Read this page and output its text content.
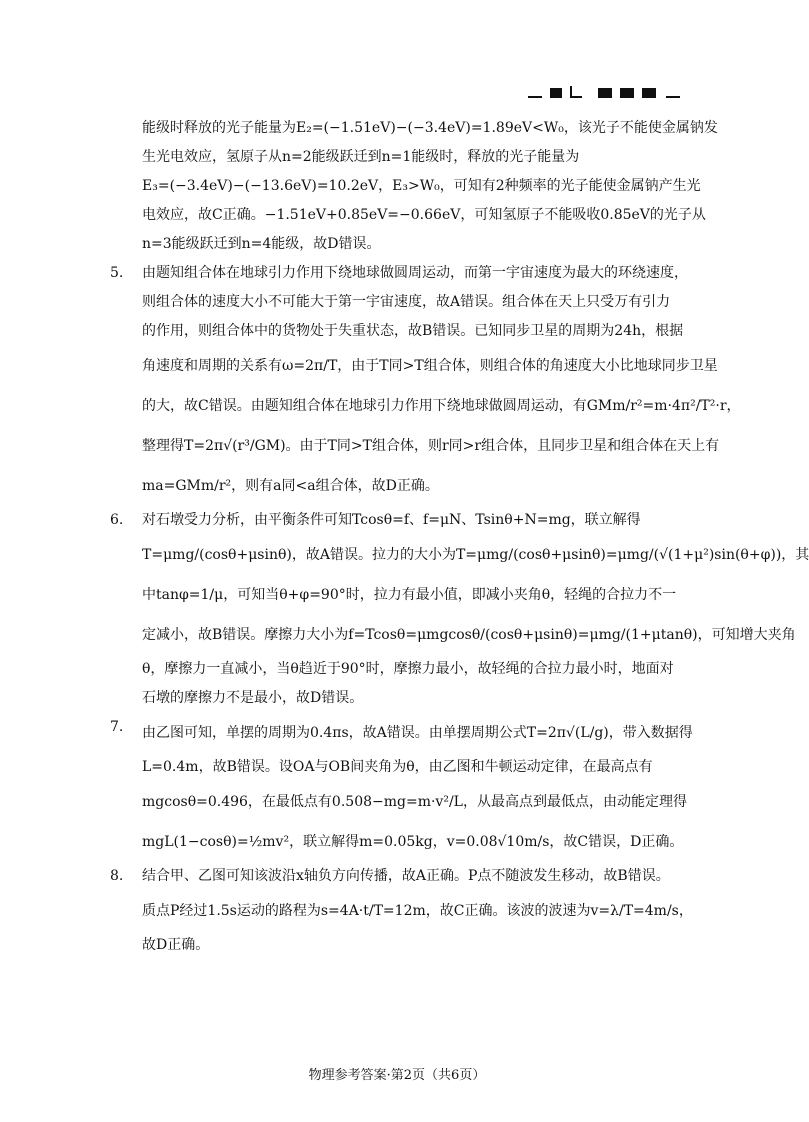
能级时释放的光子能量为E₂=(−1.51eV)−(−3.4eV)=1.89eV<W₀，该光子不能使金属钠发
生光电效应，氢原子从n=2能级跃迁到n=1能级时，释放的光子能量为
E₃=(−3.4eV)−(−13.6eV)=10.2eV，E₃>W₀，可知有2种频率的光子能使金属钠产生光
电效应，故C正确。−1.51eV+0.85eV=−0.66eV，可知氢原子不能吸收0.85eV的光子从
n=3能级跃迁到n=4能级，故D错误。
5. 由题知组合体在地球引力作用下绕地球做圆周运动，而第一宇宙速度为最大的环绕速度，
则组合体的速度大小不可能大于第一宇宙速度，故A错误。组合体在天上只受万有引力
的作用，则组合体中的货物处于失重状态，故B错误。已知同步卫星的周期为24h，根据
角速度和周期的关系有ω=2π/T，由于T同>T组合体，则组合体的角速度大小比地球同步卫星
的大，故C错误。由题知组合体在地球引力作用下绕地球做圆周运动，有GMm/r²=m·4π²/T²·r，
整理得T=2π√(r³/GM)。由于T同>T组合体，则r同>r组合体，且同步卫星和组合体在天上有
ma=GMm/r²，则有a同<a组合体，故D正确。
6. 对石墩受力分析，由平衡条件可知Tcosθ=f、f=μN、Tsinθ+N=mg，联立解得
T=μmg/(cosθ+μsinθ)，故A错误。拉力的大小为T=μmg/(cosθ+μsinθ)=μmg/(√(1+μ²)sin(θ+φ))，其
中tanφ=1/μ，可知当θ+φ=90°时，拉力有最小值，即减小夹角θ，轻绳的合拉力不一
定减小，故B错误。摩擦力大小为f=Tcosθ=μmgcosθ/(cosθ+μsinθ)=μmg/(1+μtanθ)，可知增大夹角
θ，摩擦力一直减小，当θ趋近于90°时，摩擦力最小，故轻绳的合拉力最小时，地面对
石墩的摩擦力不是最小，故D错误。
7. 由乙图可知，单摆的周期为0.4πs，故A错误。由单摆周期公式T=2π√(L/g)，带入数据得
L=0.4m，故B错误。设OA与OB间夹角为θ，由乙图和牛顿运动定律，在最高点有
mgcosθ=0.496，在最低点有0.508−mg=m·v²/L，从最高点到最低点，由动能定理得
mgL(1−cosθ)=½mv²，联立解得m=0.05kg，v=0.08√10m/s，故C错误，D正确。
8. 结合甲、乙图可知该波沿x轴负方向传播，故A正确。P点不随波发生移动，故B错误。
质点P经过1.5s运动的路程为s=4A·t/T=12m，故C正确。该波的波速为v=λ/T=4m/s，
故D正确。
物理参考答案·第2页（共6页）
